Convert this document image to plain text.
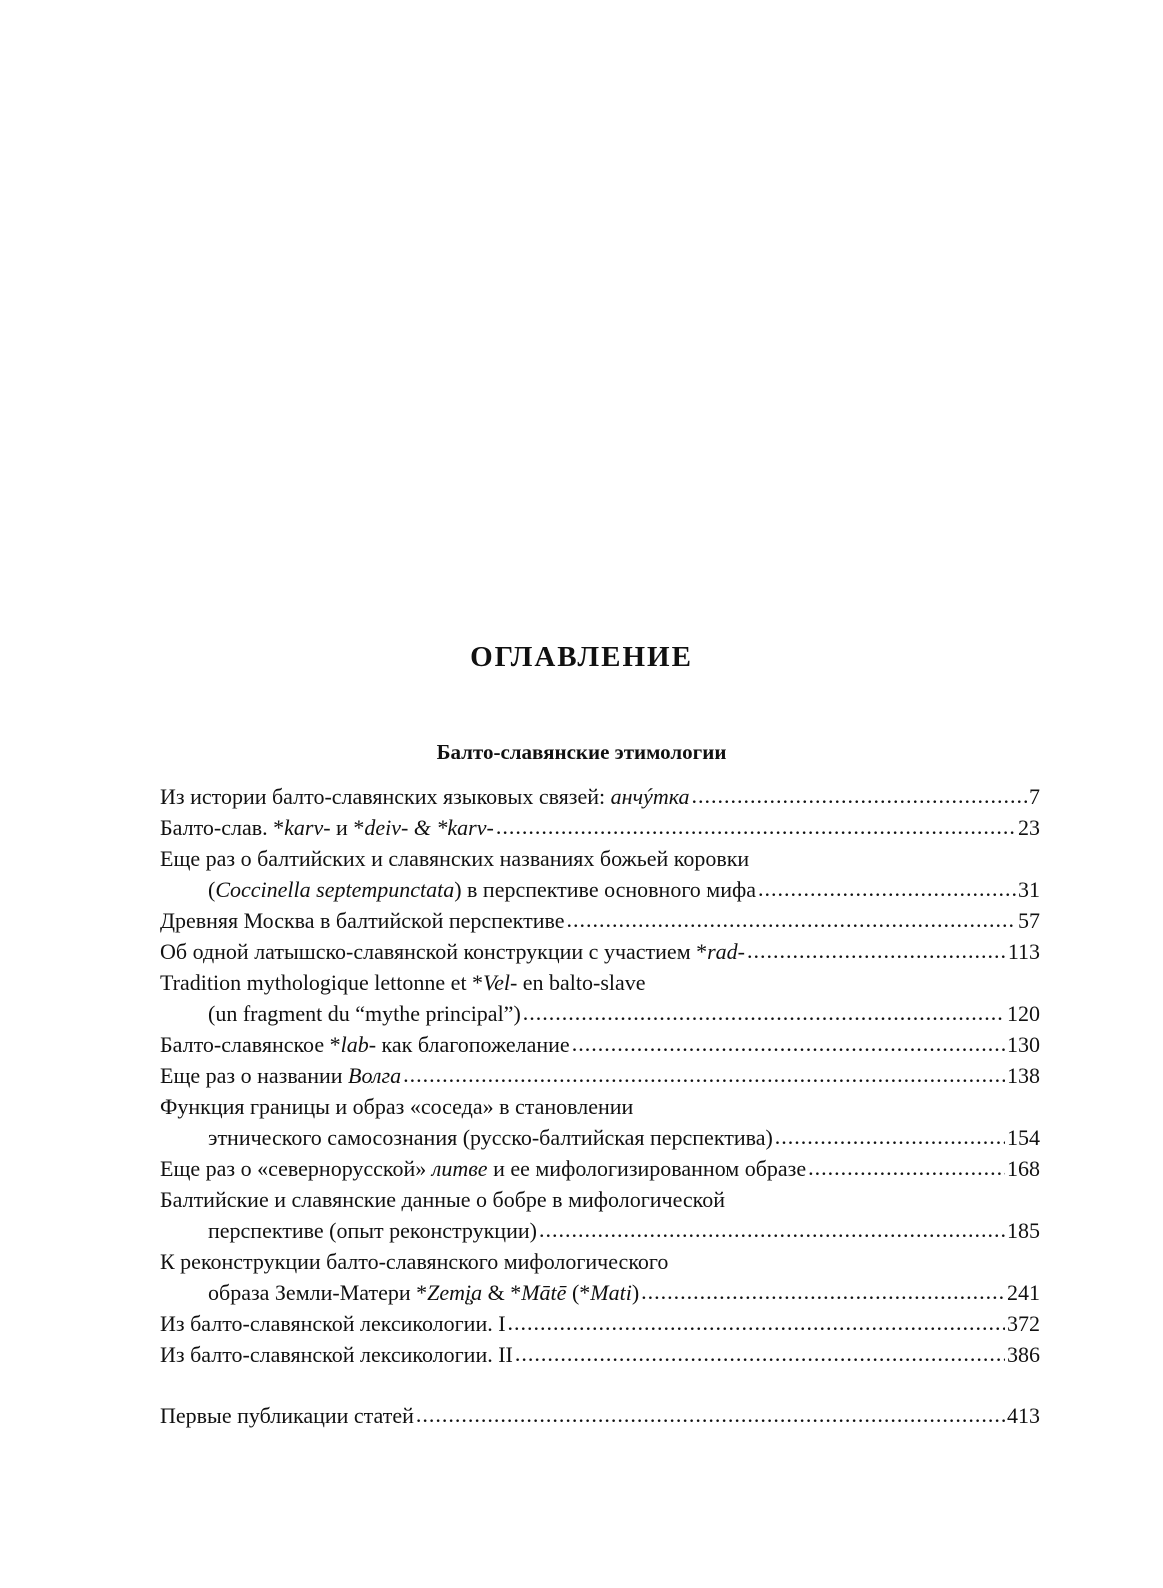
ОГЛАВЛЕНИЕ
Балто-славянские этимологии
Из истории балто-славянских языковых связей: анчýтка .....	7
Балто-слав. *karv- и *deiv- & *karv- .....	23
Еще раз о балтийских и славянских названиях божьей коровки
(Coccinella septempunctata) в перспективе основного мифа .....	31
Древняя Москва в балтийской перспективе .....	57
Об одной латышско-славянской конструкции с участием *rad- .....	113
Tradition mythologique lettonne et *Vel- en balto-slave
(un fragment du “mythe principal”) .....	120
Балто-славянское *lab- как благопожелание .....	130
Еще раз о названии Волга .....	138
Функция границы и образ «соседа» в становлении
этнического самосознания (русско-балтийская перспектива) .....	154
Еще раз о «севернорусской» литве и ее мифологизированном образе .....	168
Балтийские и славянские данные о бобре в мифологической
перспективе (опыт реконструкции) .....	185
К реконструкции балто-славянского мифологического
образа Земли-Матери *Zemį̧a & *Mātē (*Mati) .....	241
Из балто-славянской лексикологии. I .....	372
Из балто-славянской лексикологии. II .....	386
Первые публикации статей .....	413
